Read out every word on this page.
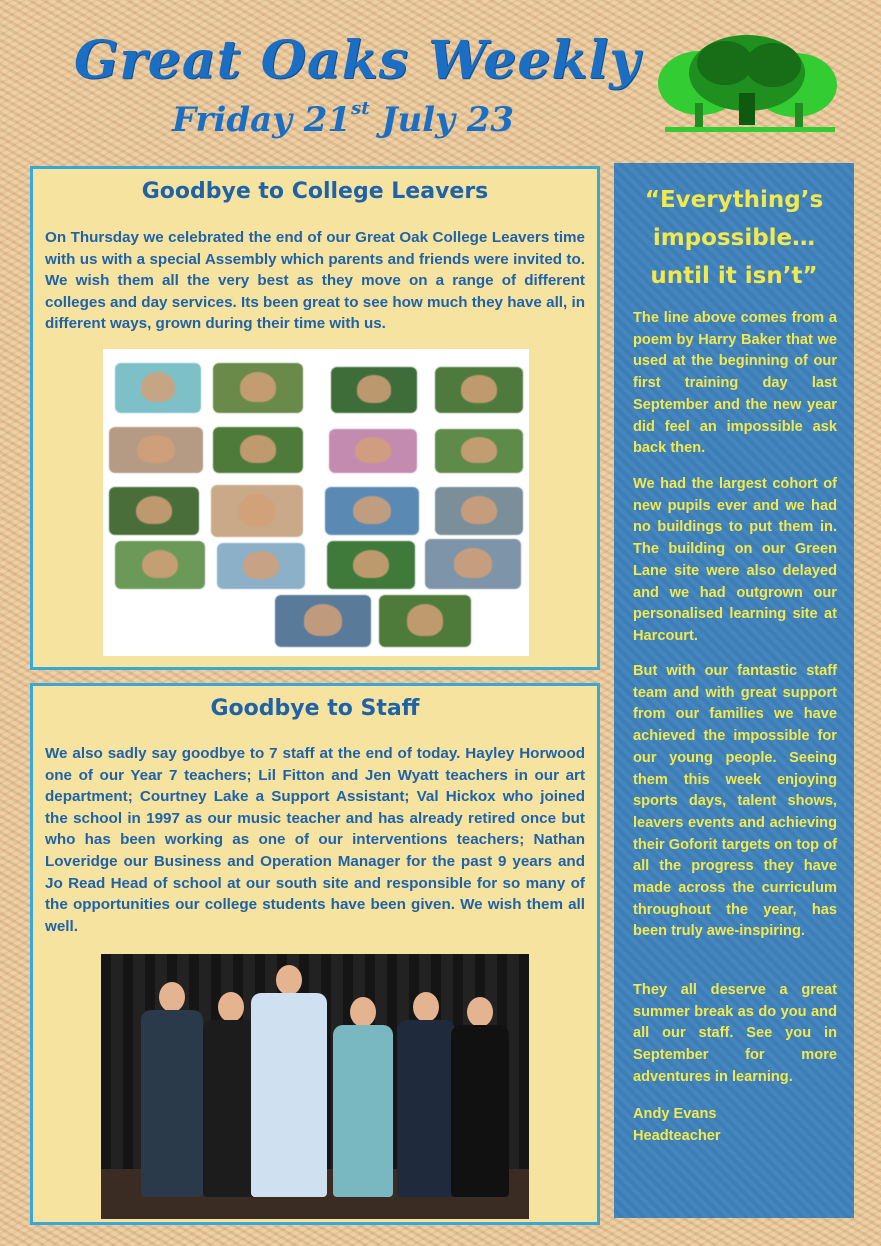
Great Oaks Weekly
Friday 21st July 23
Goodbye to College Leavers

On Thursday we celebrated the end of our Great Oak College Leavers time with us with a special Assembly which parents and friends were invited to. We wish them all the very best as they move on a range of different colleges and day services. Its been great to see how much they have all, in different ways, grown during their time with us.

Goodbye to Staff

We also sadly say goodbye to 7 staff at the end of today. Hayley Horwood one of our Year 7 teachers; Lil Fitton and Jen Wyatt teachers in our art department; Courtney Lake a Support Assistant; Val Hickox who joined the school in 1997 as our music teacher and has already retired once but who has been working as one of our interventions teachers; Nathan Loveridge our Business and Operation Manager for the past 9 years and Jo Read Head of school at our south site and responsible for so many of the opportunities our college students have been given. We wish them all well.

“Everything’s impossible…until it isn’t”

The line above comes from a poem by Harry Baker that we used at the beginning of our first training day last September and the new year did feel an impossible ask back then.

We had the largest cohort of new pupils ever and we had no buildings to put them in. The building on our Green Lane site were also delayed and we had outgrown our personalised learning site at Harcourt.

But with our fantastic staff team and with great support from our families we have achieved the impossible for our young people. Seeing them this week enjoying sports days, talent shows, leavers events and achieving their Goforit targets on top of all the progress they have made across the curriculum throughout the year, has been truly awe-inspiring.

They all deserve a great summer break as do you and all our staff. See you in September for more adventures in learning.

Andy Evans

Headteacher
